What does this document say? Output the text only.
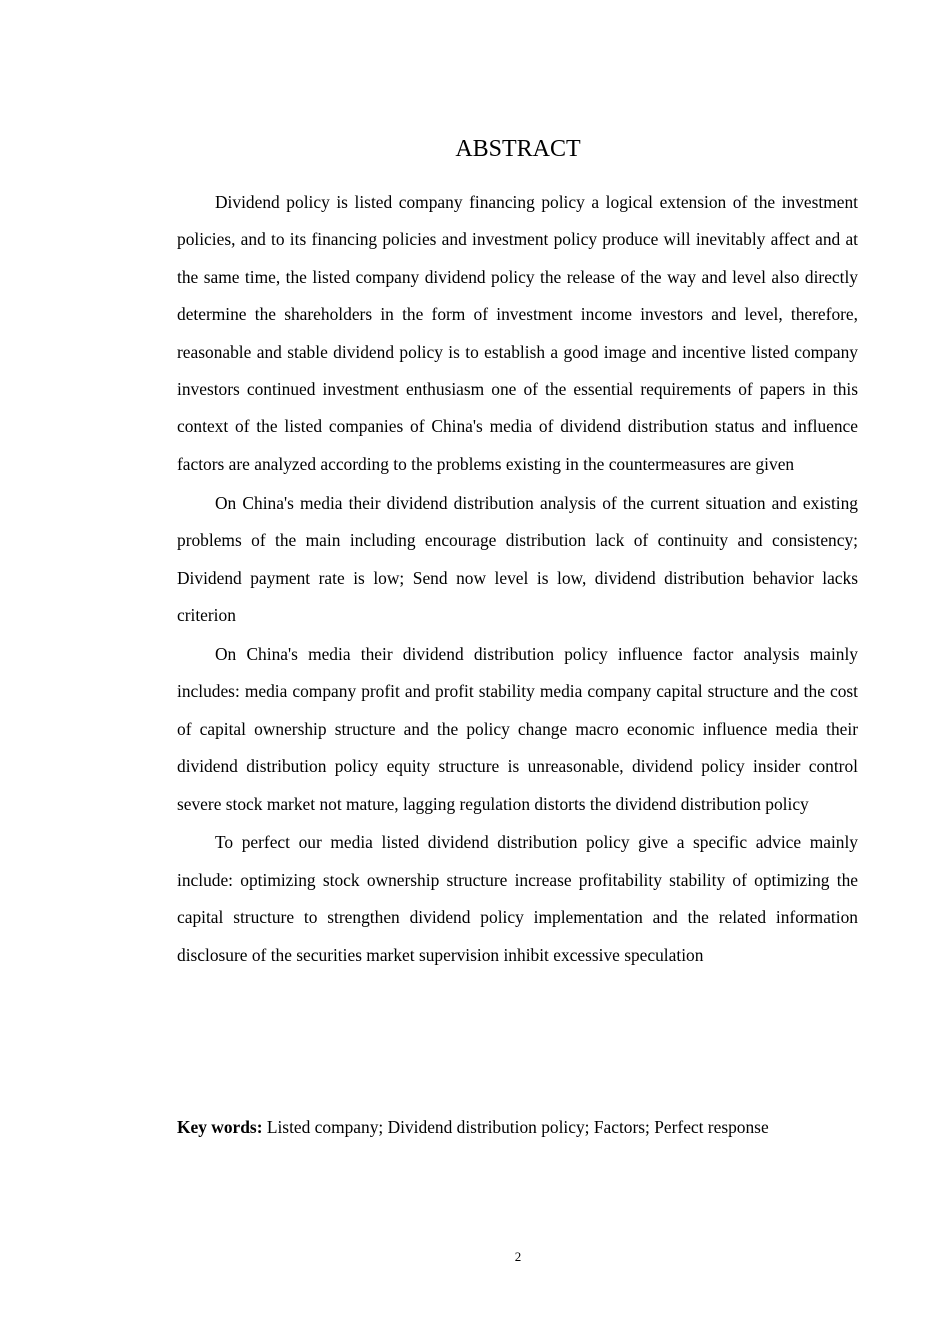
ABSTRACT

Dividend policy is listed company financing policy a logical extension of the investment policies, and to its financing policies and investment policy produce will inevitably affect and at the same time, the listed company dividend policy the release of the way and level also directly determine the shareholders in the form of investment income investors and level, therefore, reasonable and stable dividend policy is to establish a good image and incentive listed company investors continued investment enthusiasm one of the essential requirements of papers in this context of the listed companies of China's media of dividend distribution status and influence factors are analyzed according to the problems existing in the countermeasures are given

On China's media their dividend distribution analysis of the current situation and existing problems of the main including encourage distribution lack of continuity and consistency; Dividend payment rate is low; Send now level is low, dividend distribution behavior lacks criterion

On China's media their dividend distribution policy influence factor analysis mainly includes: media company profit and profit stability media company capital structure and the cost of capital ownership structure and the policy change macro economic influence media their dividend distribution policy equity structure is unreasonable, dividend policy insider control severe stock market not mature, lagging regulation distorts the dividend distribution policy

To perfect our media listed dividend distribution policy give a specific advice mainly include: optimizing stock ownership structure increase profitability stability of optimizing the capital structure to strengthen dividend policy implementation and the related information disclosure of the securities market supervision inhibit excessive speculation

Key words: Listed company; Dividend distribution policy; Factors; Perfect response
2
